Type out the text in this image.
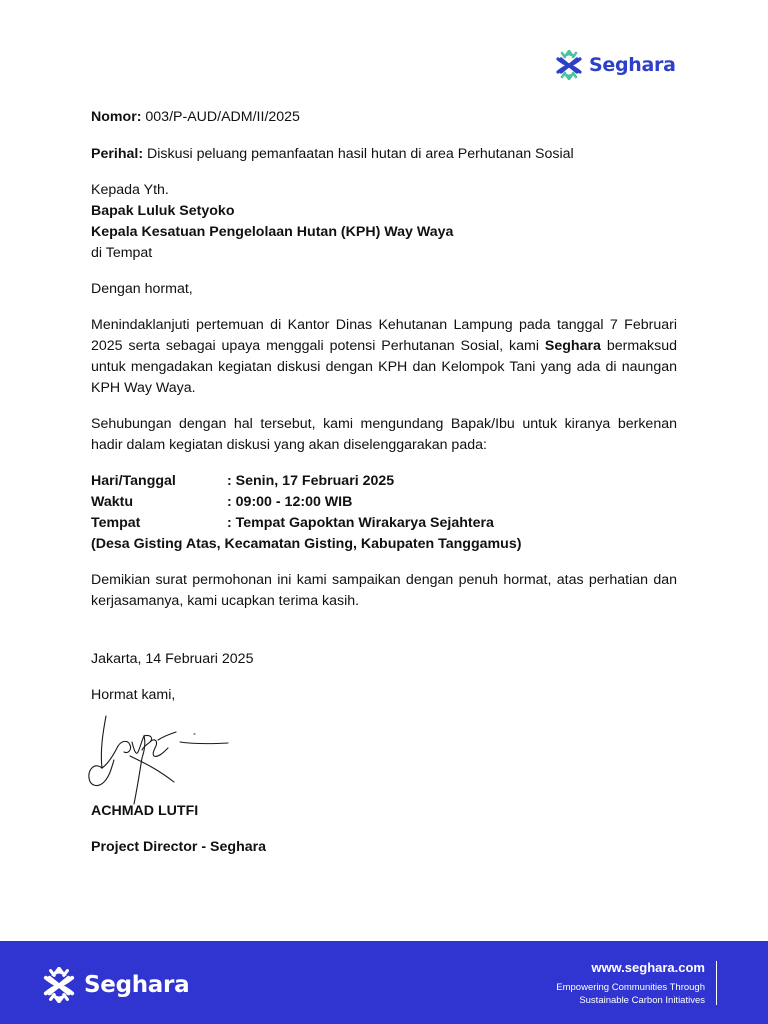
Seghara

Nomor: 003/P-AUD/ADM/II/2025

Perihal: Diskusi peluang pemanfaatan hasil hutan di area Perhutanan Sosial

Kepada Yth.

Bapak Luluk Setyoko

Kepala Kesatuan Pengelolaan Hutan (KPH) Way Waya

di Tempat

Dengan hormat,

Menindaklanjuti pertemuan di Kantor Dinas Kehutanan Lampung pada tanggal 7 Februari 2025 serta sebagai upaya menggali potensi Perhutanan Sosial, kami Seghara bermaksud untuk mengadakan kegiatan diskusi dengan KPH dan Kelompok Tani yang ada di naungan KPH Way Waya.

Sehubungan dengan hal tersebut, kami mengundang Bapak/Ibu untuk kiranya berkenan hadir dalam kegiatan diskusi yang akan diselenggarakan pada:

Hari/Tanggal	: Senin, 17 Februari 2025
Waktu	: 09:00 - 12:00 WIB
Tempat	: Tempat Gapoktan Wirakarya Sejahtera

(Desa Gisting Atas, Kecamatan Gisting, Kabupaten Tanggamus)

Demikian surat permohonan ini kami sampaikan dengan penuh hormat, atas perhatian dan kerjasamanya, kami ucapkan terima kasih.

Jakarta, 14 Februari 2025

Hormat kami,

ACHMAD LUTFI
Project Director - Seghara
Seghara
www.seghara.com
Empowering Communities Through
Sustainable Carbon Initiatives
